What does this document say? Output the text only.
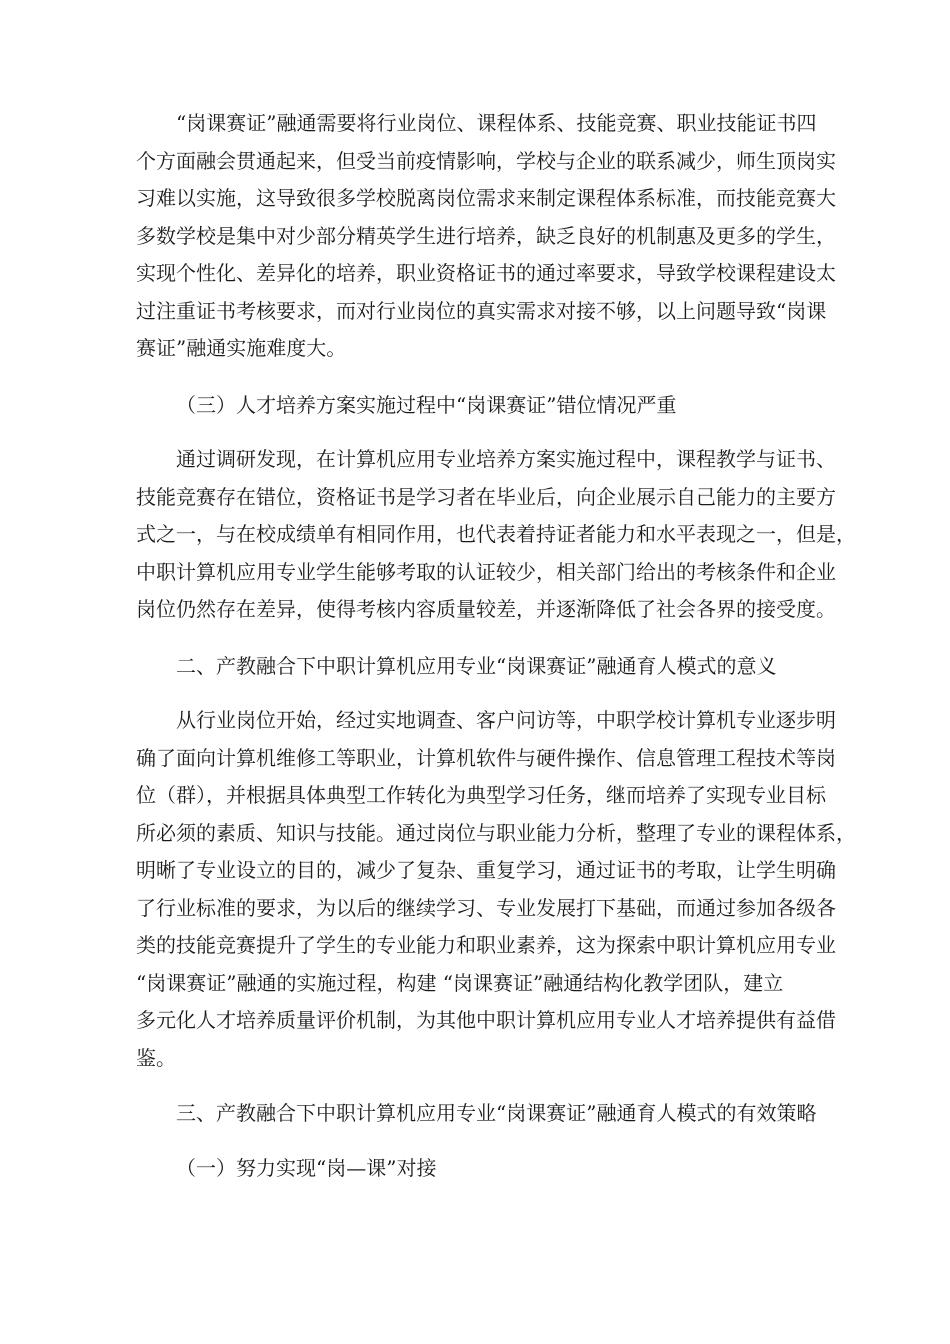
“岗课赛证”融通需要将行业岗位、课程体系、技能竞赛、职业技能证书四
个方面融会贯通起来，但受当前疫情影响，学校与企业的联系减少，师生顶岗实
习难以实施，这导致很多学校脱离岗位需求来制定课程体系标准，而技能竞赛大
多数学校是集中对少部分精英学生进行培养，缺乏良好的机制惠及更多的学生，
实现个性化、差异化的培养，职业资格证书的通过率要求，导致学校课程建设太
过注重证书考核要求，而对行业岗位的真实需求对接不够，以上问题导致“岗课
赛证”融通实施难度大。
（三）人才培养方案实施过程中“岗课赛证”错位情况严重
通过调研发现，在计算机应用专业培养方案实施过程中，课程教学与证书、
技能竞赛存在错位，资格证书是学习者在毕业后，向企业展示自己能力的主要方
式之一，与在校成绩单有相同作用，也代表着持证者能力和水平表现之一，但是，
中职计算机应用专业学生能够考取的认证较少，相关部门给出的考核条件和企业
岗位仍然存在差异，使得考核内容质量较差，并逐渐降低了社会各界的接受度。
二、产教融合下中职计算机应用专业“岗课赛证”融通育人模式的意义
从行业岗位开始，经过实地调查、客户问访等，中职学校计算机专业逐步明
确了面向计算机维修工等职业，计算机软件与硬件操作、信息管理工程技术等岗
位（群），并根据具体典型工作转化为典型学习任务，继而培养了实现专业目标
所必须的素质、知识与技能。通过岗位与职业能力分析，整理了专业的课程体系，
明晰了专业设立的目的，减少了复杂、重复学习，通过证书的考取，让学生明确
了行业标准的要求，为以后的继续学习、专业发展打下基础，而通过参加各级各
类的技能竞赛提升了学生的专业能力和职业素养，这为探索中职计算机应用专业
“岗课赛证”融通的实施过程，构建 “岗课赛证”融通结构化教学团队，建立
多元化人才培养质量评价机制，为其他中职计算机应用专业人才培养提供有益借
鉴。
三、产教融合下中职计算机应用专业“岗课赛证”融通育人模式的有效策略
（一）努力实现“岗—课”对接
